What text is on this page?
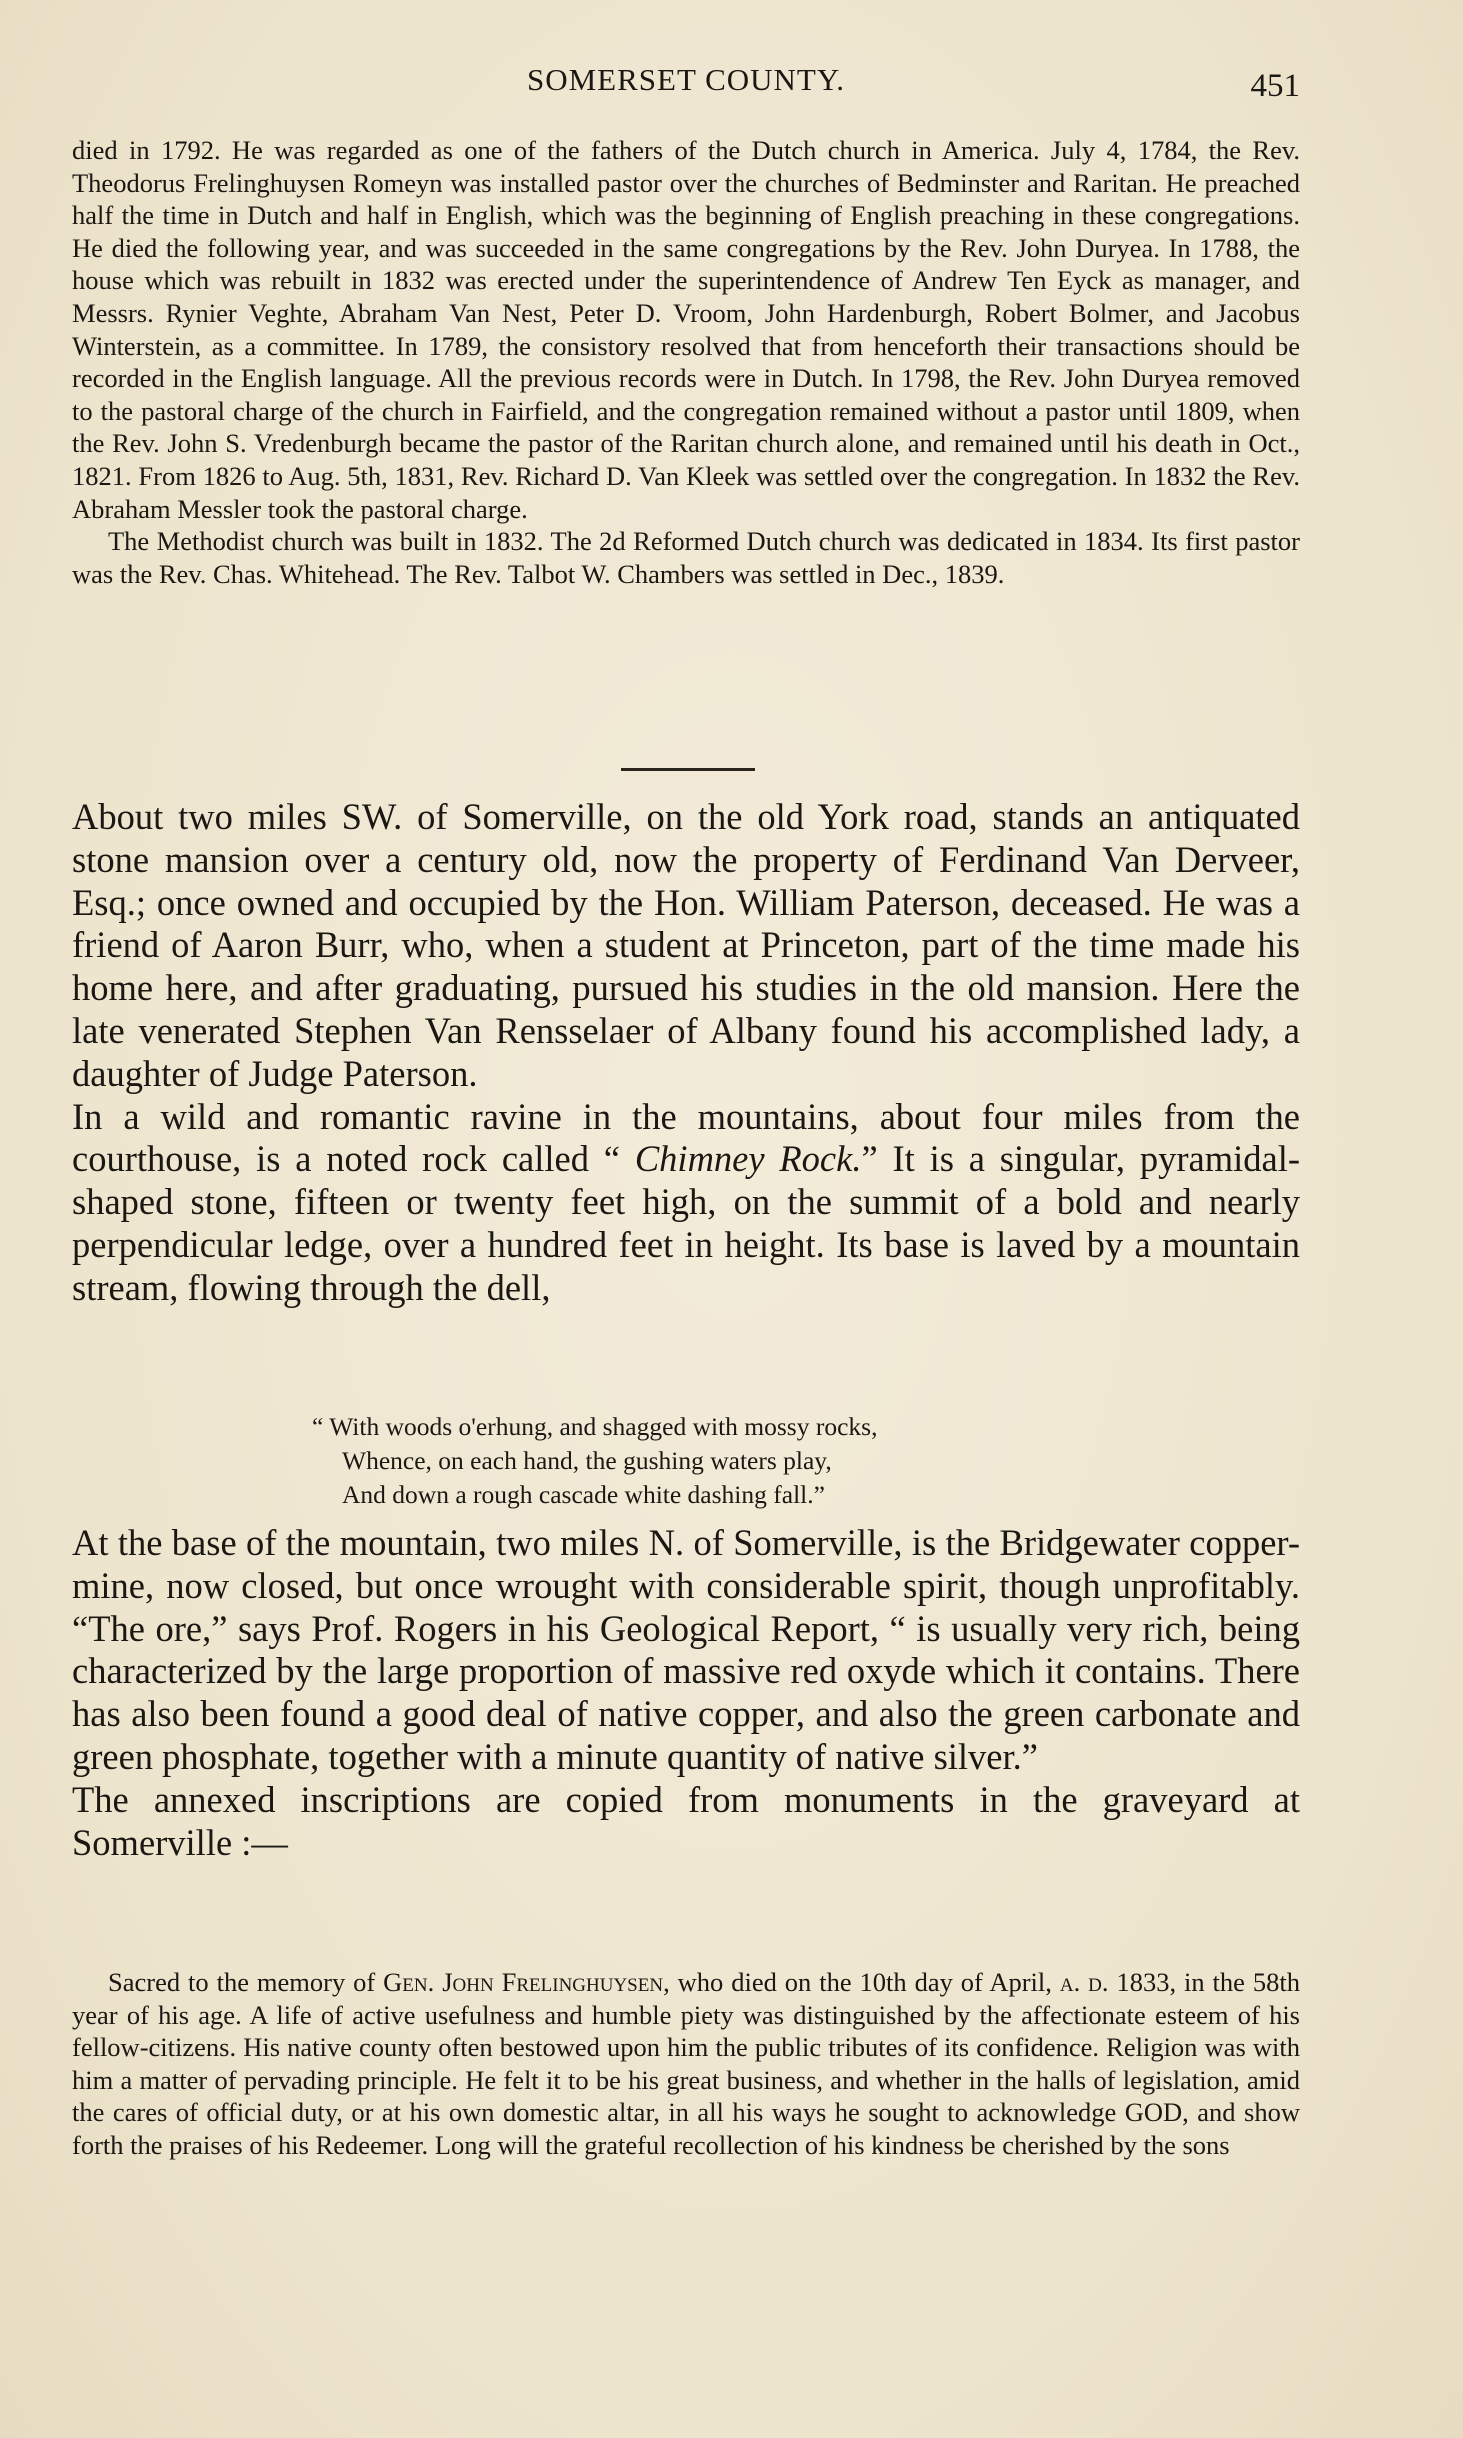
SOMERSET COUNTY.	451

died in 1792. He was regarded as one of the fathers of the Dutch church in America. July 4, 1784, the Rev. Theodorus Frelinghuysen Romeyn was installed pastor over the churches of Bedminster and Raritan. He preached half the time in Dutch and half in English, which was the beginning of English preaching in these congregations. He died the following year, and was succeeded in the same congregations by the Rev. John Duryea. In 1788, the house which was rebuilt in 1832 was erected under the superintendence of Andrew Ten Eyck as manager, and Messrs. Rynier Veghte, Abraham Van Nest, Peter D. Vroom, John Hardenburgh, Robert Bolmer, and Jacobus Winterstein, as a committee. In 1789, the consistory resolved that from henceforth their transactions should be recorded in the English language. All the previous records were in Dutch. In 1798, the Rev. John Duryea removed to the pastoral charge of the church in Fairfield, and the congregation remained without a pastor until 1809, when the Rev. John S. Vredenburgh became the pastor of the Raritan church alone, and remained until his death in Oct., 1821. From 1826 to Aug. 5th, 1831, Rev. Richard D. Van Kleek was settled over the congregation. In 1832 the Rev. Abraham Messler took the pastoral charge.

The Methodist church was built in 1832. The 2d Reformed Dutch church was dedicated in 1834. Its first pastor was the Rev. Chas. Whitehead. The Rev. Talbot W. Chambers was settled in Dec., 1839.

About two miles SW. of Somerville, on the old York road, stands an antiquated stone mansion over a century old, now the property of Ferdinand Van Derveer, Esq.; once owned and occupied by the Hon. William Paterson, deceased. He was a friend of Aaron Burr, who, when a student at Princeton, part of the time made his home here, and after graduating, pursued his studies in the old mansion. Here the late venerated Stephen Van Rensselaer of Albany found his accomplished lady, a daughter of Judge Paterson.

In a wild and romantic ravine in the mountains, about four miles from the courthouse, is a noted rock called “ Chimney Rock.” It is a singular, pyramidal-shaped stone, fifteen or twenty feet high, on the summit of a bold and nearly perpendicular ledge, over a hundred feet in height. Its base is laved by a mountain stream, flowing through the dell,

“ With woods o'erhung, and shagged with mossy rocks,
Whence, on each hand, the gushing waters play,
And down a rough cascade white dashing fall.”

At the base of the mountain, two miles N. of Somerville, is the Bridgewater copper-mine, now closed, but once wrought with considerable spirit, though unprofitably. “The ore,” says Prof. Rogers in his Geological Report, “ is usually very rich, being characterized by the large proportion of massive red oxyde which it contains. There has also been found a good deal of native copper, and also the green carbonate and green phosphate, together with a minute quantity of native silver.”

The annexed inscriptions are copied from monuments in the graveyard at Somerville :—

Sacred to the memory of Gen. John Frelinghuysen, who died on the 10th day of April, a. d. 1833, in the 58th year of his age. A life of active usefulness and humble piety was distinguished by the affectionate esteem of his fellow-citizens. His native county often bestowed upon him the public tributes of its confidence. Religion was with him a matter of pervading principle. He felt it to be his great business, and whether in the halls of legislation, amid the cares of official duty, or at his own domestic altar, in all his ways he sought to acknowledge GOD, and show forth the praises of his Redeemer. Long will the grateful recollection of his kindness be cherished by the sons
